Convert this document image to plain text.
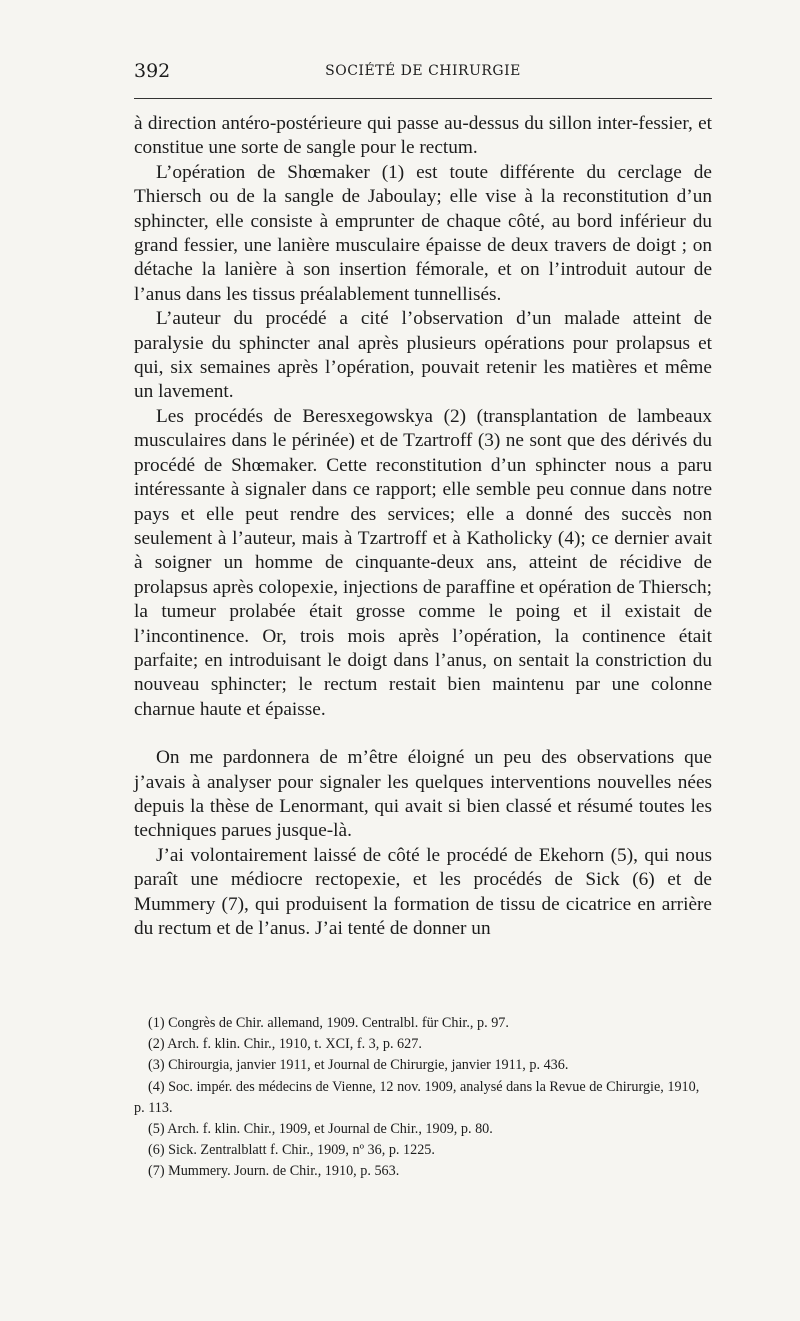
392	SOCIÉTÉ DE CHIRURGIE

à direction antéro-postérieure qui passe au-dessus du sillon inter-fessier, et constitue une sorte de sangle pour le rectum.

L’opération de Shœmaker (1) est toute différente du cerclage de Thiersch ou de la sangle de Jaboulay; elle vise à la reconstitution d’un sphincter, elle consiste à emprunter de chaque côté, au bord inférieur du grand fessier, une lanière musculaire épaisse de deux travers de doigt ; on détache la lanière à son insertion fémorale, et on l’introduit autour de l’anus dans les tissus préalablement tunnellisés.

L’auteur du procédé a cité l’observation d’un malade atteint de paralysie du sphincter anal après plusieurs opérations pour prolapsus et qui, six semaines après l’opération, pouvait retenir les matières et même un lavement.

Les procédés de Beresxegowskya (2) (transplantation de lambeaux musculaires dans le périnée) et de Tzartroff (3) ne sont que des dérivés du procédé de Shœmaker. Cette reconstitution d’un sphincter nous a paru intéressante à signaler dans ce rapport; elle semble peu connue dans notre pays et elle peut rendre des services; elle a donné des succès non seulement à l’auteur, mais à Tzartroff et à Katholicky (4); ce dernier avait à soigner un homme de cinquante-deux ans, atteint de récidive de prolapsus après colopexie, injections de paraffine et opération de Thiersch; la tumeur prolabée était grosse comme le poing et il existait de l’incontinence. Or, trois mois après l’opération, la continence était parfaite; en introduisant le doigt dans l’anus, on sentait la constriction du nouveau sphincter; le rectum restait bien maintenu par une colonne charnue haute et épaisse.

On me pardonnera de m’être éloigné un peu des observations que j’avais à analyser pour signaler les quelques interventions nouvelles nées depuis la thèse de Lenormant, qui avait si bien classé et résumé toutes les techniques parues jusque-là.

J’ai volontairement laissé de côté le procédé de Ekehorn (5), qui nous paraît une médiocre rectopexie, et les procédés de Sick (6) et de Mummery (7), qui produisent la formation de tissu de cicatrice en arrière du rectum et de l’anus. J’ai tenté de donner un

(1) Congrès de Chir. allemand, 1909. Centralbl. für Chir., p. 97.
(2) Arch. f. klin. Chir., 1910, t. XCI, f. 3, p. 627.
(3) Chirourgia, janvier 1911, et Journal de Chirurgie, janvier 1911, p. 436.
(4) Soc. impér. des médecins de Vienne, 12 nov. 1909, analysé dans la Revue de Chirurgie, 1910, p. 113.
(5) Arch. f. klin. Chir., 1909, et Journal de Chir., 1909, p. 80.
(6) Sick. Zentralblatt f. Chir., 1909, nº 36, p. 1225.
(7) Mummery. Journ. de Chir., 1910, p. 563.
